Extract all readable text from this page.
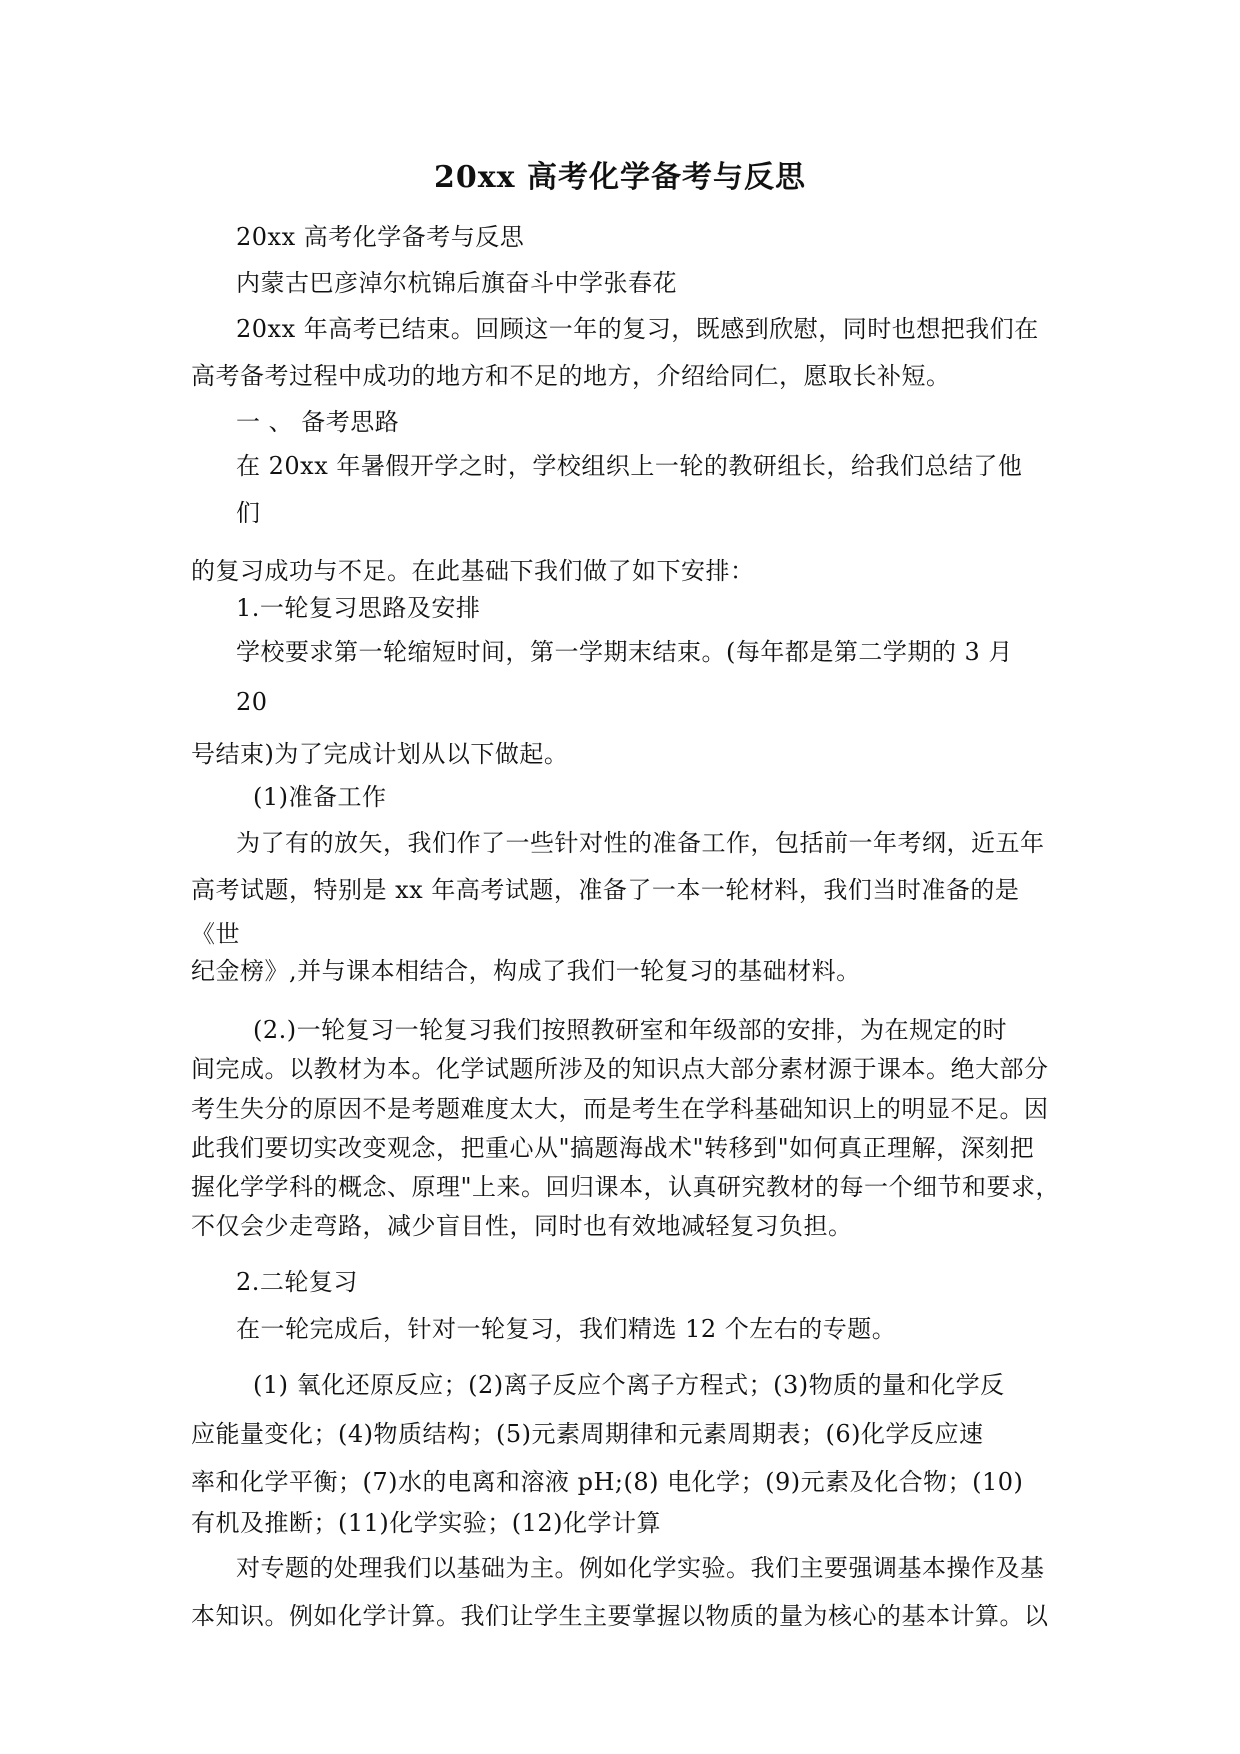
20xx 高考化学备考与反思
20xx 高考化学备考与反思
内蒙古巴彦淖尔杭锦后旗奋斗中学张春花
20xx 年高考已结束。回顾这一年的复习，既感到欣慰，同时也想把我们在
高考备考过程中成功的地方和不足的地方，介绍给同仁，愿取长补短。
一 、 备考思路
在 20xx 年暑假开学之时，学校组织上一轮的教研组长，给我们总结了他
们
的复习成功与不足。在此基础下我们做了如下安排：
1.一轮复习思路及安排
学校要求第一轮缩短时间，第一学期末结束。(每年都是第二学期的 3 月
20
号结束)为了完成计划从以下做起。
(1)准备工作
为了有的放矢，我们作了一些针对性的准备工作，包括前一年考纲，近五年
高考试题，特别是 xx 年高考试题，准备了一本一轮材料，我们当时准备的是
《世
纪金榜》,并与课本相结合，构成了我们一轮复习的基础材料。
(2.)一轮复习一轮复习我们按照教研室和年级部的安排，为在规定的时
间完成。以教材为本。化学试题所涉及的知识点大部分素材源于课本。绝大部分
考生失分的原因不是考题难度太大，而是考生在学科基础知识上的明显不足。因
此我们要切实改变观念，把重心从"搞题海战术"转移到"如何真正理解，深刻把
握化学学科的概念、原理"上来。回归课本，认真研究教材的每一个细节和要求，
不仅会少走弯路，减少盲目性，同时也有效地减轻复习负担。
2.二轮复习
在一轮完成后，针对一轮复习，我们精选 12 个左右的专题。
(1) 氧化还原反应；(2)离子反应个离子方程式；(3)物质的量和化学反
应能量变化；(4)物质结构；(5)元素周期律和元素周期表；(6)化学反应速
率和化学平衡；(7)水的电离和溶液 pH;(8) 电化学；(9)元素及化合物；(10)
有机及推断；(11)化学实验；(12)化学计算
对专题的处理我们以基础为主。例如化学实验。我们主要强调基本操作及基
本知识。例如化学计算。我们让学生主要掌握以物质的量为核心的基本计算。以
